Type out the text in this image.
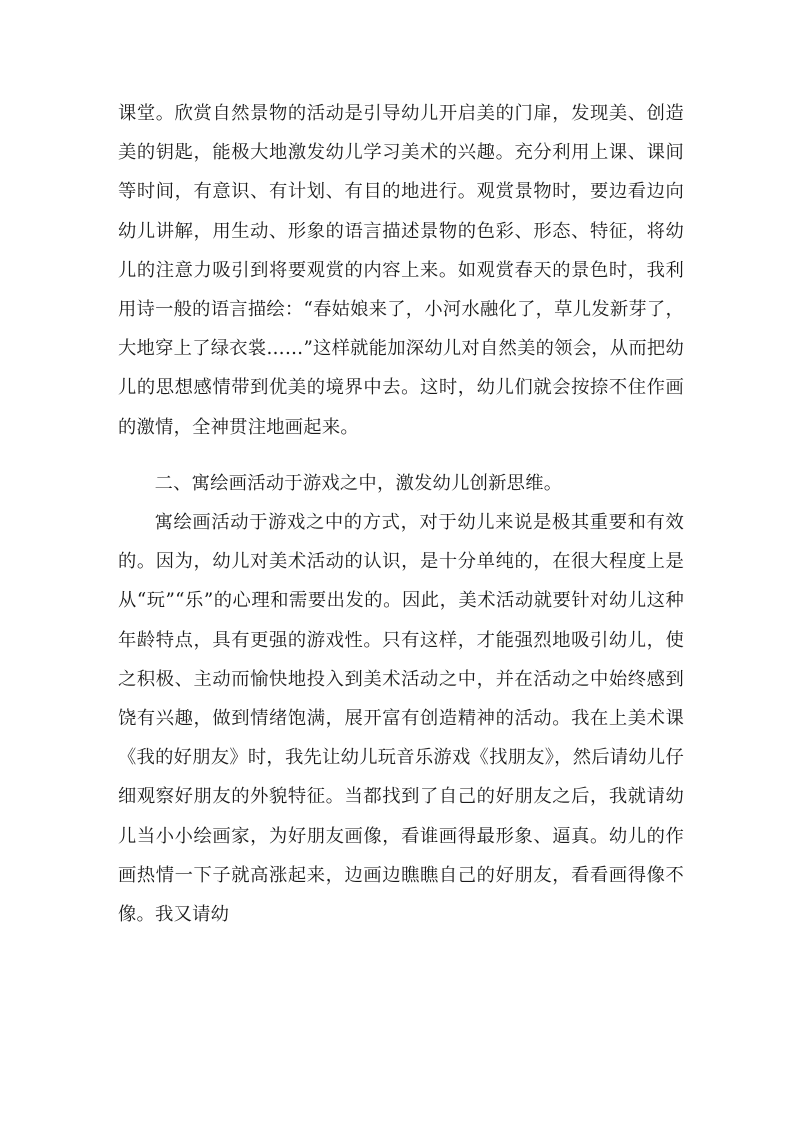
课堂。欣赏自然景物的活动是引导幼儿开启美的门扉，发现美、创造美的钥匙，能极大地激发幼儿学习美术的兴趣。充分利用上课、课间等时间，有意识、有计划、有目的地进行。观赏景物时，要边看边向幼儿讲解，用生动、形象的语言描述景物的色彩、形态、特征，将幼儿的注意力吸引到将要观赏的内容上来。如观赏春天的景色时，我利用诗一般的语言描绘：“春姑娘来了，小河水融化了，草儿发新芽了，大地穿上了绿衣裳……”这样就能加深幼儿对自然美的领会，从而把幼儿的思想感情带到优美的境界中去。这时，幼儿们就会按捺不住作画的激情，全神贯注地画起来。

二、寓绘画活动于游戏之中，激发幼儿创新思维。

寓绘画活动于游戏之中的方式，对于幼儿来说是极其重要和有效的。因为，幼儿对美术活动的认识，是十分单纯的，在很大程度上是从“玩”“乐”的心理和需要出发的。因此，美术活动就要针对幼儿这种年龄特点，具有更强的游戏性。只有这样，才能强烈地吸引幼儿，使之积极、主动而愉快地投入到美术活动之中，并在活动之中始终感到饶有兴趣，做到情绪饱满，展开富有创造精神的活动。我在上美术课《我的好朋友》时，我先让幼儿玩音乐游戏《找朋友》，然后请幼儿仔细观察好朋友的外貌特征。当都找到了自己的好朋友之后，我就请幼儿当小小绘画家，为好朋友画像，看谁画得最形象、逼真。幼儿的作画热情一下子就高涨起来，边画边瞧瞧自己的好朋友，看看画得像不像。我又请幼
